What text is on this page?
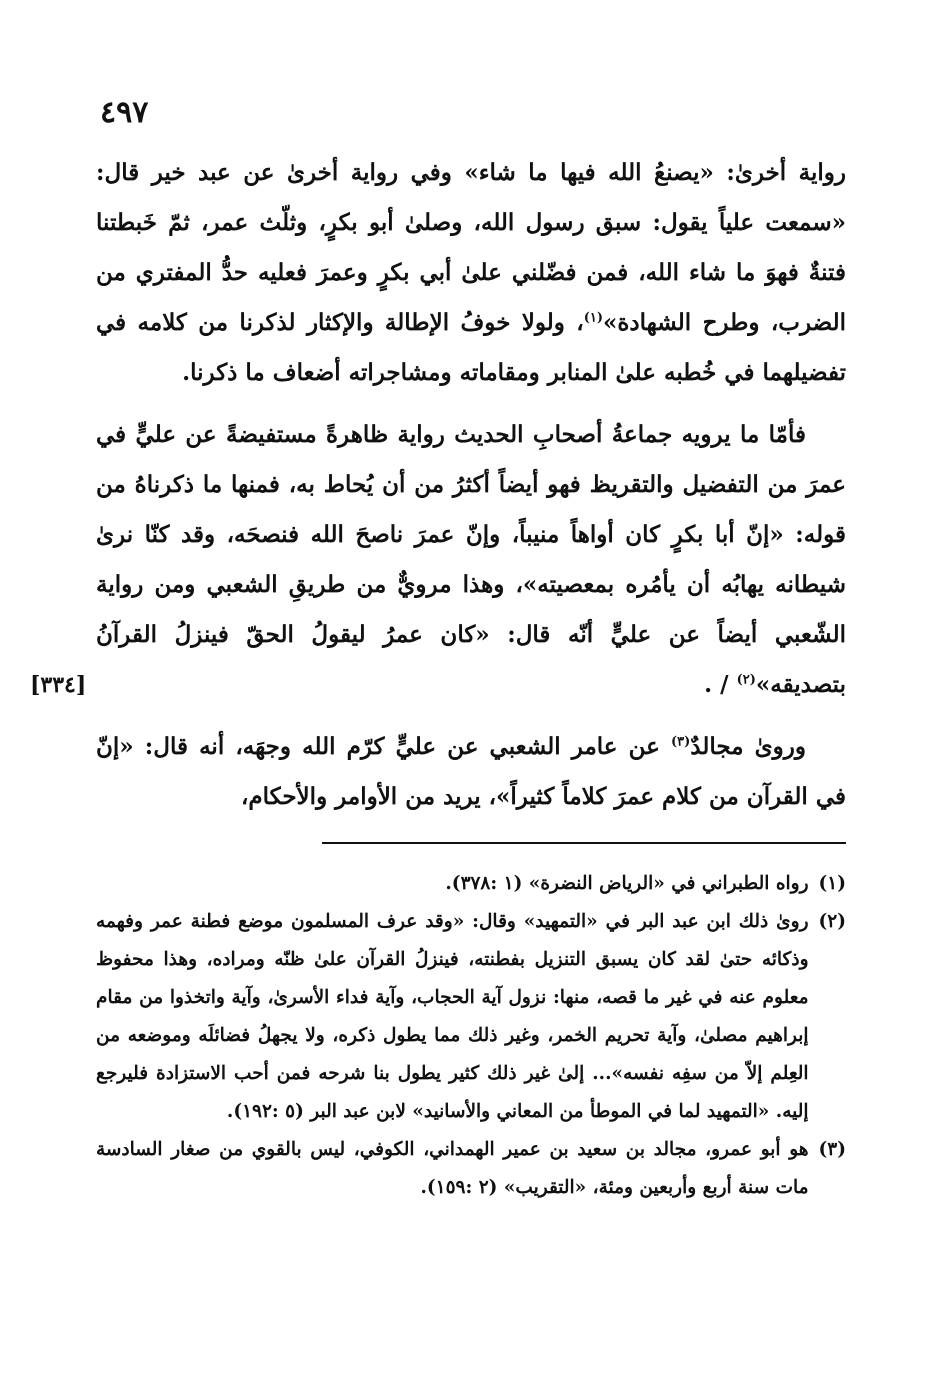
٤٩٧

رواية أخرىٰ: «يصنعُ الله فيها ما شاء» وفي رواية أخرىٰ عن عبد خير قال: «سمعت علياً يقول: سبق رسول الله، وصلىٰ أبو بكرٍ، وثلّث عمر، ثمّ خَبطتنا فتنةٌ فهوَ ما شاء الله، فمن فضّلني علىٰ أبي بكرٍ وعمرَ فعليه حدُّ المفتري من الضرب، وطرح الشهادة»$^{(١)}$، ولولا خوفُ الإطالة والإكثار لذكرنا من كلامه في تفضيلهما في خُطبه علىٰ المنابر ومقاماته ومشاجراته أضعاف ما ذكرنا.

فأمّا ما يرويه جماعةُ أصحابِ الحديث رواية ظاهرةً مستفيضةً عن عليٍّ في عمرَ من التفضيل والتقريظ فهو أيضاً أكثرُ من أن يُحاط به، فمنها ما ذكرناهُ من قوله: «إنّ أبا بكرٍ كان أواهاً منيباً، وإنّ عمرَ ناصحَ الله فنصحَه، وقد كنّا نرىٰ شيطانه يهابُه أن يأمُره بمعصيته»، وهذا مرويٌّ من طريقِ الشعبي ومن رواية الشّعبي أيضاً عن عليٍّ أنّه قال: «كان عمرُ ليقولُ الحقّ فينزلُ القرآنُ بتصديقه»$^{(٢)}$ / .

وروىٰ مجالدٌ$^{(٣)}$ عن عامر الشعبي عن عليٍّ كرّم الله وجهَه، أنه قال: «إنّ في القرآن من كلام عمرَ كلاماً كثيراً»، يريد من الأوامر والأحكام،

[٣٣٤]
(١)
رواه الطبراني في «الرياض النضرة» (١ :٣٧٨).
(٢)
روىٰ ذلك ابن عبد البر في «التمهيد» وقال: «وقد عرف المسلمون موضع فطنة عمر وفهمه وذكائه حتىٰ لقد كان يسبق التنزيل بفطنته، فينزلُ القرآن علىٰ ظنّه ومراده، وهذا محفوظ معلوم عنه في غير ما قصه، منها: نزول آية الحجاب، وآية فداء الأسرىٰ، وآية واتخذوا من مقام إبراهيم مصلىٰ، وآية تحريم الخمر، وغير ذلك مما يطول ذكره، ولا يجهلُ فضائلَه وموضعه من العِلم إلاّ من سفِه نفسه»... إلىٰ غير ذلك كثير يطول بنا شرحه فمن أحب الاستزادة فليرجع إليه. «التمهيد لما في الموطأ من المعاني والأسانيد» لابن عبد البر (٥ :١٩٢).
(٣)
هو أبو عمرو، مجالد بن سعيد بن عمير الهمداني، الكوفي، ليس بالقوي من صغار السادسة مات سنة أربع وأربعين ومئة، «التقريب» (٢ :١٥٩).
